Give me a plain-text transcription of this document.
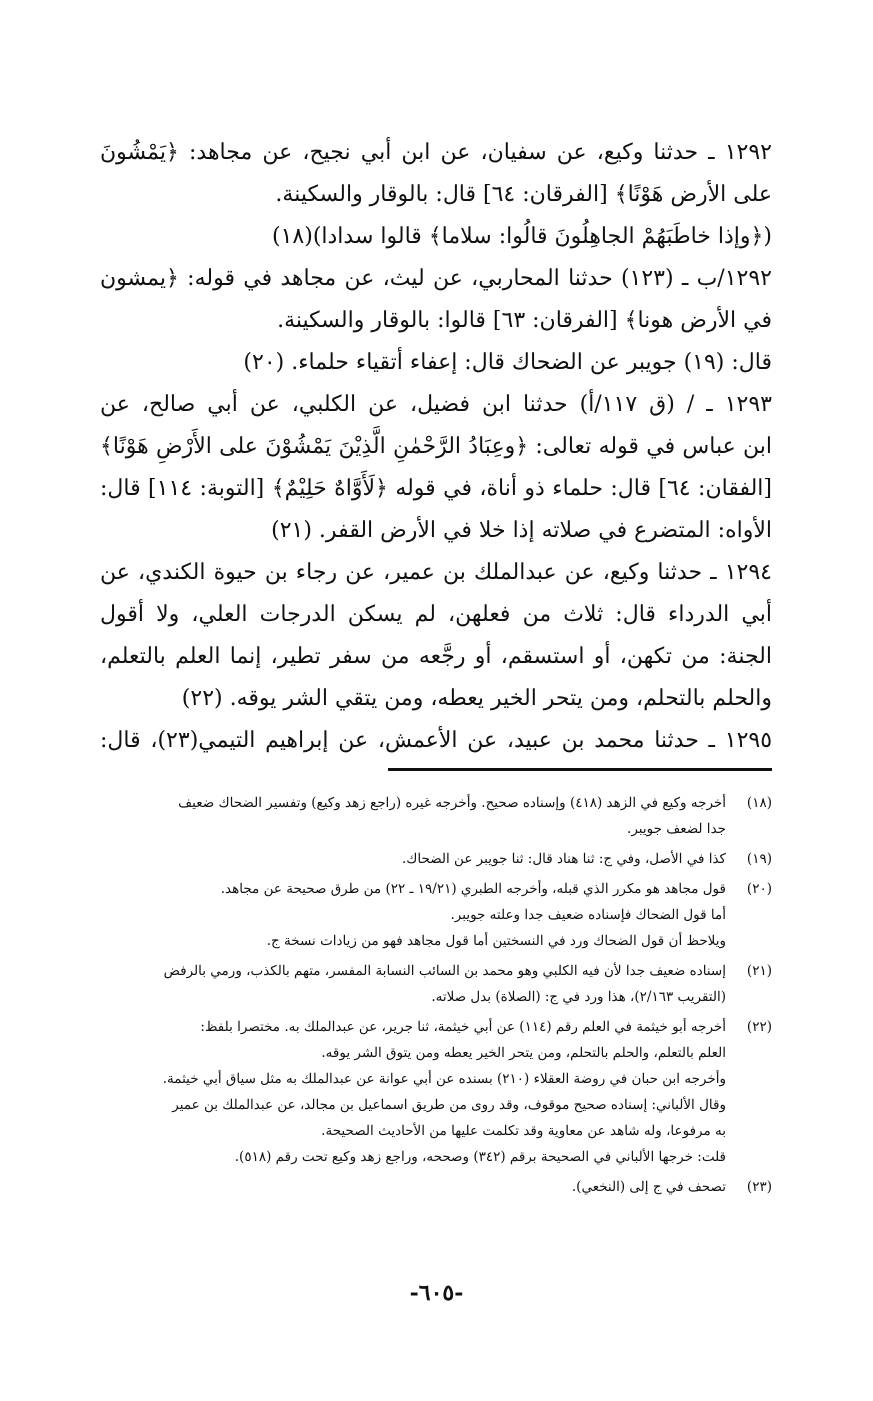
١٢٩٢ ـ حدثنا وكيع، عن سفيان، عن ابن أبي نجيح، عن مجاهد: ﴿يَمْشُونَ
على الأرض هَوْنًا﴾ [الفرقان: ٦٤] قال: بالوقار والسكينة.
(﴿وإذا خاطَبَهُمْ الجاهِلُونَ قالُوا: سلاما﴾ قالوا سدادا)(١٨)
١٢٩٢/ب ـ (١٢٣) حدثنا المحاربي، عن ليث، عن مجاهد في قوله: ﴿يمشون
في الأرض هونا﴾ [الفرقان: ٦٣] قالوا: بالوقار والسكينة.
قال: (١٩) جويبر عن الضحاك قال: إعفاء أتقياء حلماء. (٢٠)
١٢٩٣ ـ / (ق ١١٧/أ) حدثنا ابن فضيل، عن الكلبي، عن أبي صالح، عن
ابن عباس في قوله تعالى: ﴿وعِبَادُ الرَّحْمٰنِ الَّذِيْنَ يَمْشُوْنَ على الأَرْضِ هَوْنًا﴾
[الفقان: ٦٤] قال: حلماء ذو أناة، في قوله ﴿لَأَوَّاهٌ حَلِيْمٌ﴾ [التوبة: ١١٤] قال:
الأواه: المتضرع في صلاته إذا خلا في الأرض القفر. (٢١)
١٢٩٤ ـ حدثنا وكيع، عن عبدالملك بن عمير، عن رجاء بن حيوة الكندي، عن
أبي الدرداء قال: ثلاث من فعلهن، لم يسكن الدرجات العلي، ولا أقول
الجنة: من تكهن، أو استسقم، أو رجَّعه من سفر تطير، إنما العلم بالتعلم،
والحلم بالتحلم، ومن يتحر الخير يعطه، ومن يتقي الشر يوقه. (٢٢)
١٢٩٥ ـ حدثنا محمد بن عبيد، عن الأعمش، عن إبراهيم التيمي(٢٣)، قال:
(١٨)
أخرجه وكيع في الزهد (٤١٨) وإسناده صحيح. وأخرجه غيره (راجع زهد وكيع) وتفسير الضحاك ضعيف
جدا لضعف جويبر.
(١٩)
كذا في الأصل، وفي ج: ثنا هناد قال: ثنا جويبر عن الضحاك.
(٢٠)
قول مجاهد هو مكرر الذي قبله، وأخرجه الطبري (١٩/٢١ ـ ٢٢) من طرق صحيحة عن مجاهد.
أما قول الضحاك فإسناده ضعيف جدا وعلته جويبر.
ويلاحظ أن قول الضحاك ورد في النسختين أما قول مجاهد فهو من زيادات نسخة ج.
(٢١)
إسناده ضعيف جدا لأن فيه الكلبي وهو محمد بن السائب النسابة المفسر، متهم بالكذب، ورمي بالرفض
(التقريب ٢/١٦٣)، هذا ورد في ج: (الصلاة) بدل صلاته.
(٢٢)
أخرجه أبو خيثمة في العلم رقم (١١٤) عن أبي خيثمة، ثنا جرير، عن عبدالملك به. مختصرا بلفظ:
العلم بالتعلم، والحلم بالتحلم، ومن يتحر الخير يعطه ومن يتوق الشر يوقه.
وأخرجه ابن حبان في روضة العقلاء (٢١٠) بسنده عن أبي عوانة عن عبدالملك به مثل سياق أبي خيثمة.
وقال الألباني: إسناده صحيح موقوف، وقد روى من طريق اسماعيل بن مجالد، عن عبدالملك بن عمير
به مرفوعا، وله شاهد عن معاوية وقد تكلمت عليها من الأحاديث الصحيحة.
قلت: خرجها الألباني في الصحيحة برقم (٣٤٢) وصححه، وراجع زهد وكيع تحت رقم (٥١٨).
(٢٣)
تصحف في ج إلى (النخعي).
-٦٠٥-
